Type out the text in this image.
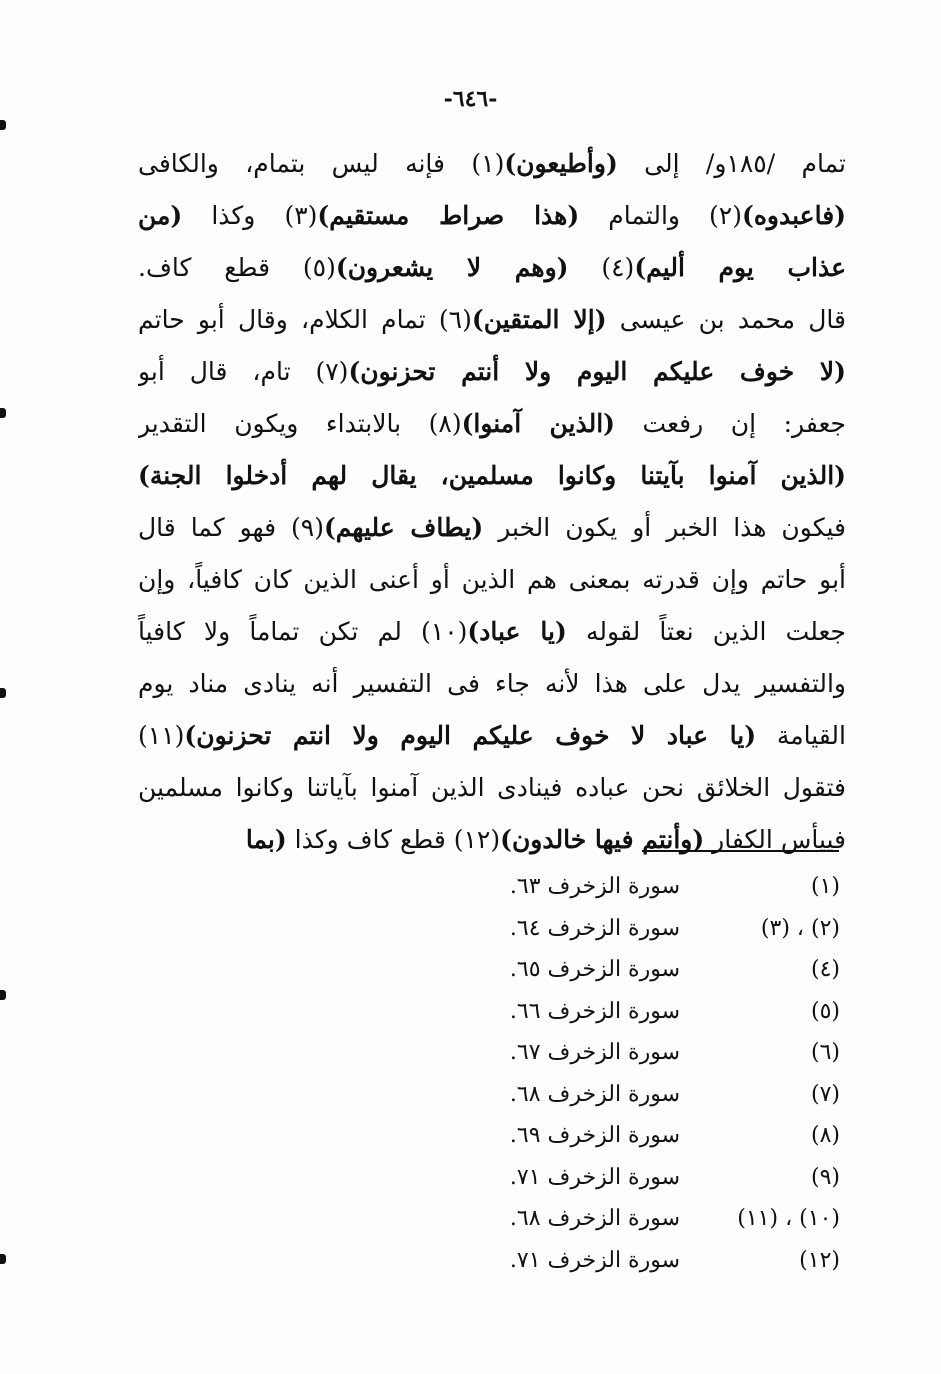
-٦٤٦-
تمام /١٨٥و/ إلى (وأطيعون)(١) فإنه ليس بتمام، والكافى
(فاعبدوه)(٢) والتمام (هذا صراط مستقيم)(٣) وكذا (من
عذاب يوم أليم)(٤) (وهم لا يشعرون)(٥) قطع كاف.
قال محمد بن عيسى (إلا المتقين)(٦) تمام الكلام، وقال أبو حاتم
(لا خوف عليكم اليوم ولا أنتم تحزنون)(٧) تام، قال أبو
جعفر: إن رفعت (الذين آمنوا)(٨) بالابتداء ويكون التقدير
(الذين آمنوا بآيتنا وكانوا مسلمين، يقال لهم أدخلوا الجنة)
فيكون هذا الخبر أو يكون الخبر (يطاف عليهم)(٩) فهو كما قال
أبو حاتم وإن قدرته بمعنى هم الذين أو أعنى الذين كان كافياً، وإن
جعلت الذين نعتاً لقوله (يا عباد)(١٠) لم تكن تماماً ولا كافياً
والتفسير يدل على هذا لأنه جاء فى التفسير أنه ينادى مناد يوم
القيامة (يا عباد لا خوف عليكم اليوم ولا انتم تحزنون)(١١)
فتقول الخلائق نحن عباده فينادى الذين آمنوا بآياتنا وكانوا مسلمين
فييأس الكفار (وأنتم فيها خالدون)(١٢) قطع كاف وكذا (بما
(١)
سورة الزخرف ٦٣.
(٢) ، (٣)
سورة الزخرف ٦٤.
(٤)
سورة الزخرف ٦٥.
(٥)
سورة الزخرف ٦٦.
(٦)
سورة الزخرف ٦٧.
(٧)
سورة الزخرف ٦٨.
(٨)
سورة الزخرف ٦٩.
(٩)
سورة الزخرف ٧١.
(١٠) ، (١١)
سورة الزخرف ٦٨.
(١٢)
سورة الزخرف ٧١.
